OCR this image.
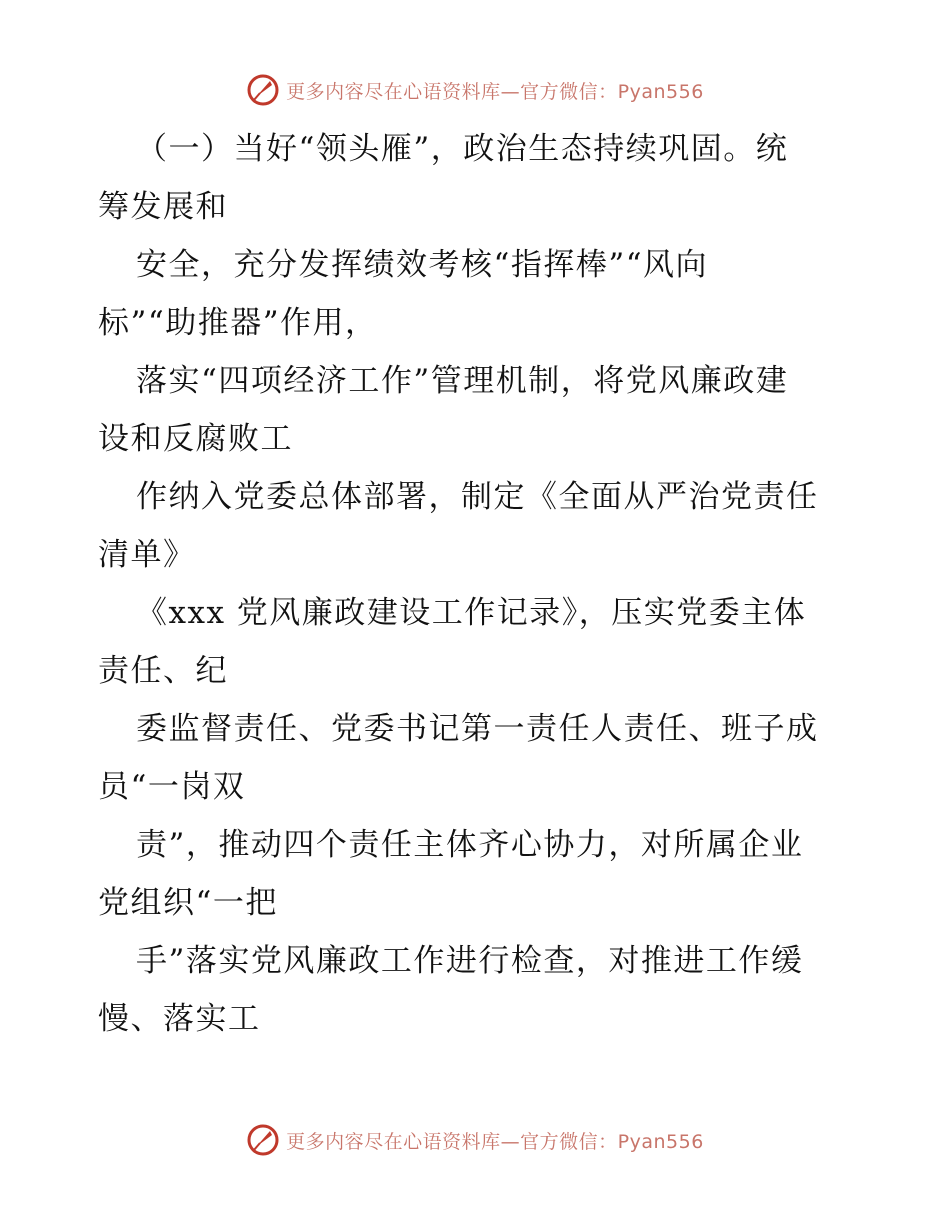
更多内容尽在心语资料库—官方微信：Pyan556
（一）当好“领头雁”，政治生态持续巩固。统
筹发展和
安全，充分发挥绩效考核“指挥棒”“风向
标”“助推器”作用，
落实“四项经济工作”管理机制，将党风廉政建
设和反腐败工
作纳入党委总体部署，制定《全面从严治党责任
清单》
《xxx 党风廉政建设工作记录》，压实党委主体
责任、纪
委监督责任、党委书记第一责任人责任、班子成
员“一岗双
责”，推动四个责任主体齐心协力，对所属企业
党组织“一把
手”落实党风廉政工作进行检查，对推进工作缓
慢、落实工
更多内容尽在心语资料库—官方微信：Pyan556
